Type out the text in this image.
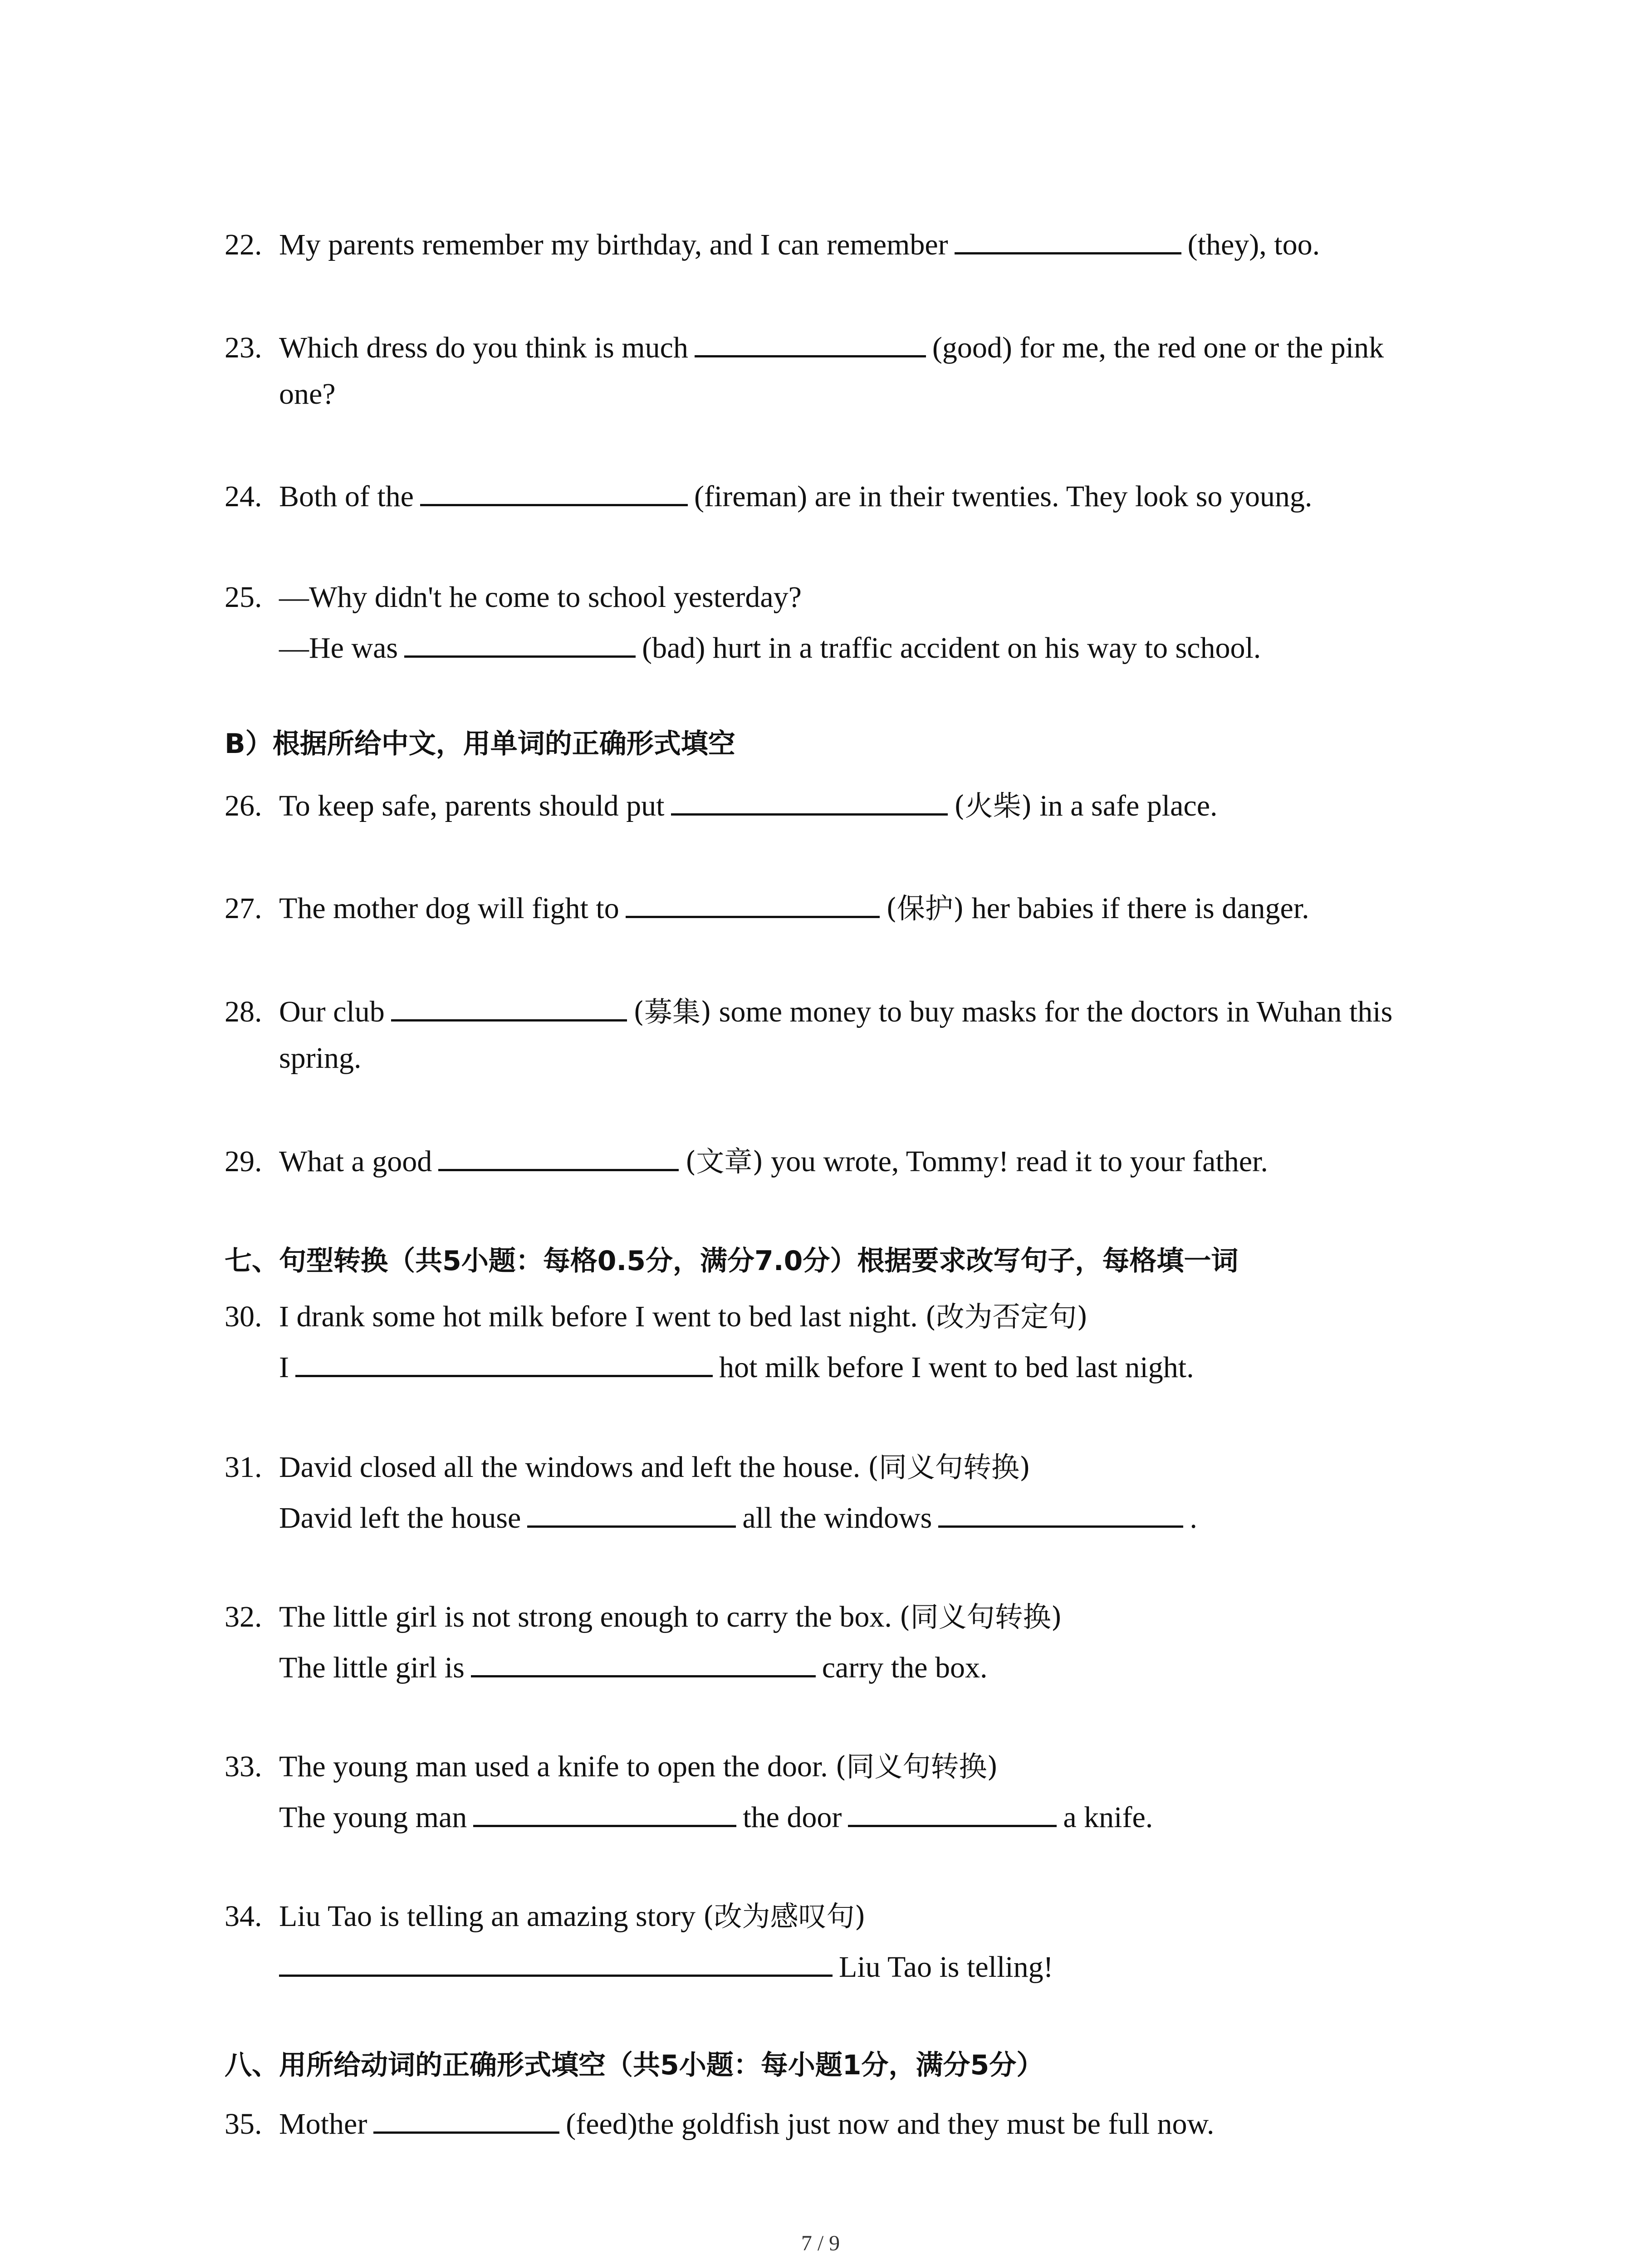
22. My parents remember my birthday, and I can remember	(they), too.
23. Which dress do you think is much	(good) for me, the red one or the pink
one?
24. Both of the	(fireman) are in their twenties. They look so young.
25. —Why didn't he come to school yesterday?
—He was	(bad) hurt in a traffic accident on his way to school.
B）根据所给中文，用单词的正确形式填空
26. To keep safe, parents should put	(火柴) in a safe place.
27. The mother dog will fight to	(保护) her babies if there is danger.
28. Our club	(募集) some money to buy masks for the doctors in Wuhan this
spring.
29. What a good	(文章) you wrote, Tommy! read it to your father.
七、句型转换（共5小题：每格0.5分，满分7.0分）根据要求改写句子，每格填一词
30. I drank some hot milk before I went to bed last night. (改为否定句)
I	hot milk before I went to bed last night.
31. David closed all the windows and left the house. (同义句转换)
David left the house	all the windows	.
32. The little girl is not strong enough to carry the box. (同义句转换)
The little girl is	carry the box.
33. The young man used a knife to open the door. (同义句转换)
The young man	the door	a knife.
34. Liu Tao is telling an amazing story (改为感叹句)
Liu Tao is telling!
八、用所给动词的正确形式填空（共5小题：每小题1分，满分5分）
35. Mother	(feed)the goldfish just now and they must be full now.
7 / 9
